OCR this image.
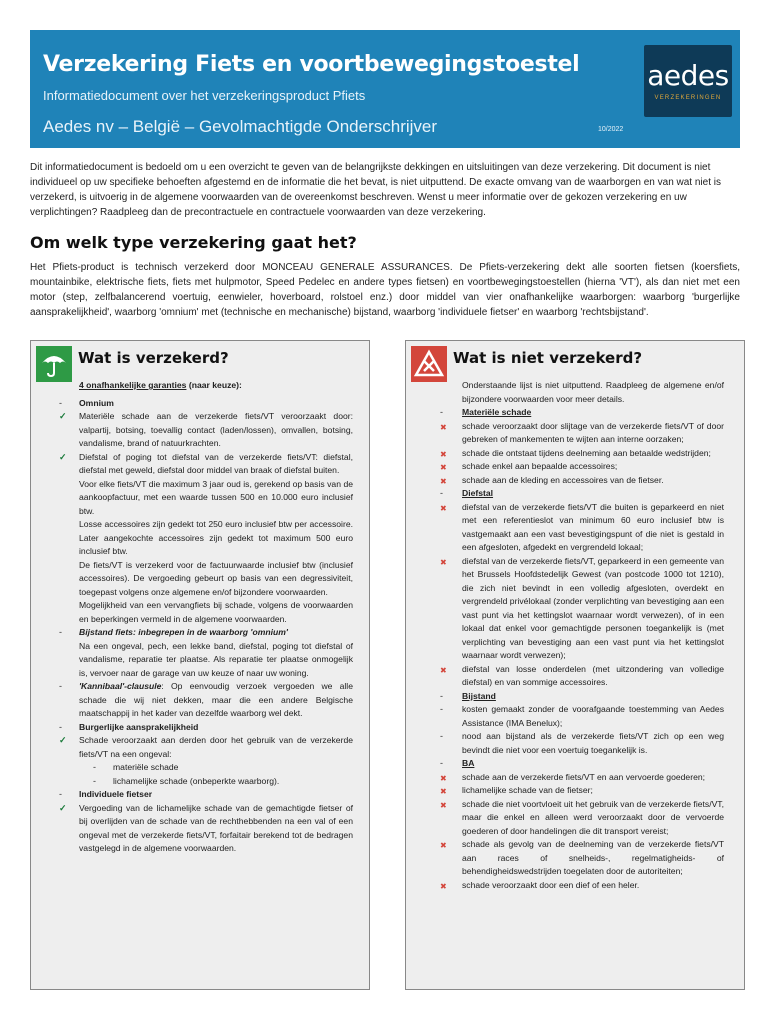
Verzekering Fiets en voortbewegingstoestel
Informatiedocument over het verzekeringsproduct Pfiets
Aedes nv – België – Gevolmachtigde Onderschrijver	10/2022
aedes
VERZEKERINGEN
Dit informatiedocument is bedoeld om u een overzicht te geven van de belangrijkste dekkingen en uitsluitingen van deze verzekering. Dit document is niet individueel op uw specifieke behoeften afgestemd en de informatie die het bevat, is niet uitputtend. De exacte omvang van de waarborgen en van wat niet is verzekerd, is uitvoerig in de algemene voorwaarden van de overeenkomst beschreven. Wenst u meer informatie over de gekozen verzekering en uw verplichtingen? Raadpleeg dan de precontractuele en contractuele voorwaarden van deze verzekering.
Om welk type verzekering gaat het?
Het Pfiets-product is technisch verzekerd door MONCEAU GENERALE ASSURANCES. De Pfiets-verzekering dekt alle soorten fietsen (koersfiets, mountainbike, elektrische fiets, fiets met hulpmotor, Speed Pedelec en andere types fietsen) en voortbewegingstoestellen (hierna 'VT'), als dan niet met een motor (step, zelfbalancerend voertuig, eenwieler, hoverboard, rolstoel enz.) door middel van vier onafhankelijke waarborgen: waarborg 'burgerlijke aansprakelijkheid', waarborg 'omnium' met (technische en mechanische) bijstand, waarborg 'individuele fietser' en waarborg 'rechtsbijstand'.
Wat is verzekerd?
4 onafhankelijke garanties (naar keuze):
- Omnium
✓ Materiële schade aan de verzekerde fiets/VT veroorzaakt door: valpartij, botsing, toevallig contact (laden/lossen), omvallen, botsing, vandalisme, brand of natuurkrachten.
✓ Diefstal of poging tot diefstal van de verzekerde fiets/VT: diefstal, diefstal met geweld, diefstal door middel van braak of diefstal buiten.
Voor elke fiets/VT die maximum 3 jaar oud is, gerekend op basis van de aankoopfactuur, met een waarde tussen 500 en 10.000 euro inclusief btw.
Losse accessoires zijn gedekt tot 250 euro inclusief btw per accessoire. Later aangekochte accessoires zijn gedekt tot maximum 500 euro inclusief btw.
De fiets/VT is verzekerd voor de factuurwaarde inclusief btw (inclusief accessoires). De vergoeding gebeurt op basis van een degressiviteit, toegepast volgens onze algemene en/of bijzondere voorwaarden.
Mogelijkheid van een vervangfiets bij schade, volgens de voorwaarden en beperkingen vermeld in de algemene voorwaarden.
- Bijstand fiets: inbegrepen in de waarborg 'omnium'
Na een ongeval, pech, een lekke band, diefstal, poging tot diefstal of vandalisme, reparatie ter plaatse. Als reparatie ter plaatse onmogelijk is, vervoer naar de garage van uw keuze of naar uw woning.
- 'Kannibaal'-clausule: Op eenvoudig verzoek vergoeden we alle schade die wij niet dekken, maar die een andere Belgische maatschappij in het kader van dezelfde waarborg wel dekt.
- Burgerlijke aansprakelijkheid
✓ Schade veroorzaakt aan derden door het gebruik van de verzekerde fiets/VT na een ongeval:
- materiële schade
- lichamelijke schade (onbeperkte waarborg).
- Individuele fietser
✓ Vergoeding van de lichamelijke schade van de gemachtigde fietser of bij overlijden van de schade van de rechthebbenden na een val of een ongeval met de verzekerde fiets/VT, forfaitair berekend tot de bedragen vastgelegd in de algemene voorwaarden.
Wat is niet verzekerd?
Onderstaande lijst is niet uitputtend. Raadpleeg de algemene en/of bijzondere voorwaarden voor meer details.
- Materiële schade
✖ schade veroorzaakt door slijtage van de verzekerde fiets/VT of door gebreken of mankementen te wijten aan interne oorzaken;
✖ schade die ontstaat tijdens deelneming aan betaalde wedstrijden;
✖ schade enkel aan bepaalde accessoires;
✖ schade aan de kleding en accessoires van de fietser.
- Diefstal
✖ diefstal van de verzekerde fiets/VT die buiten is geparkeerd en niet met een referentieslot van minimum 60 euro inclusief btw is vastgemaakt aan een vast bevestigingspunt of die niet is gestald in een afgesloten, afgedekt en vergrendeld lokaal;
✖ diefstal van de verzekerde fiets/VT, geparkeerd in een gemeente van het Brussels Hoofdstedelijk Gewest (van postcode 1000 tot 1210), die zich niet bevindt in een volledig afgesloten, overdekt en vergrendeld privélokaal (zonder verplichting van bevestiging aan een vast punt via het kettingslot waarnaar wordt verwezen), of in een lokaal dat enkel voor gemachtigde personen toegankelijk is (met verplichting van bevestiging aan een vast punt via het kettingslot waarnaar wordt verwezen);
✖ diefstal van losse onderdelen (met uitzondering van volledige diefstal) en van sommige accessoires.
- Bijstand
- kosten gemaakt zonder de voorafgaande toestemming van Aedes Assistance (IMA Benelux);
- nood aan bijstand als de verzekerde fiets/VT zich op een weg bevindt die niet voor een voertuig toegankelijk is.
- BA
✖ schade aan de verzekerde fiets/VT en aan vervoerde goederen;
✖ lichamelijke schade van de fietser;
✖ schade die niet voortvloeit uit het gebruik van de verzekerde fiets/VT, maar die enkel en alleen werd veroorzaakt door de vervoerde goederen of door handelingen die dit transport vereist;
✖ schade als gevolg van de deelneming van de verzekerde fiets/VT aan races of snelheids-, regelmatigheids- of behendigheidswedstrijden toegelaten door de autoriteiten;
✖ schade veroorzaakt door een dief of een heler.
